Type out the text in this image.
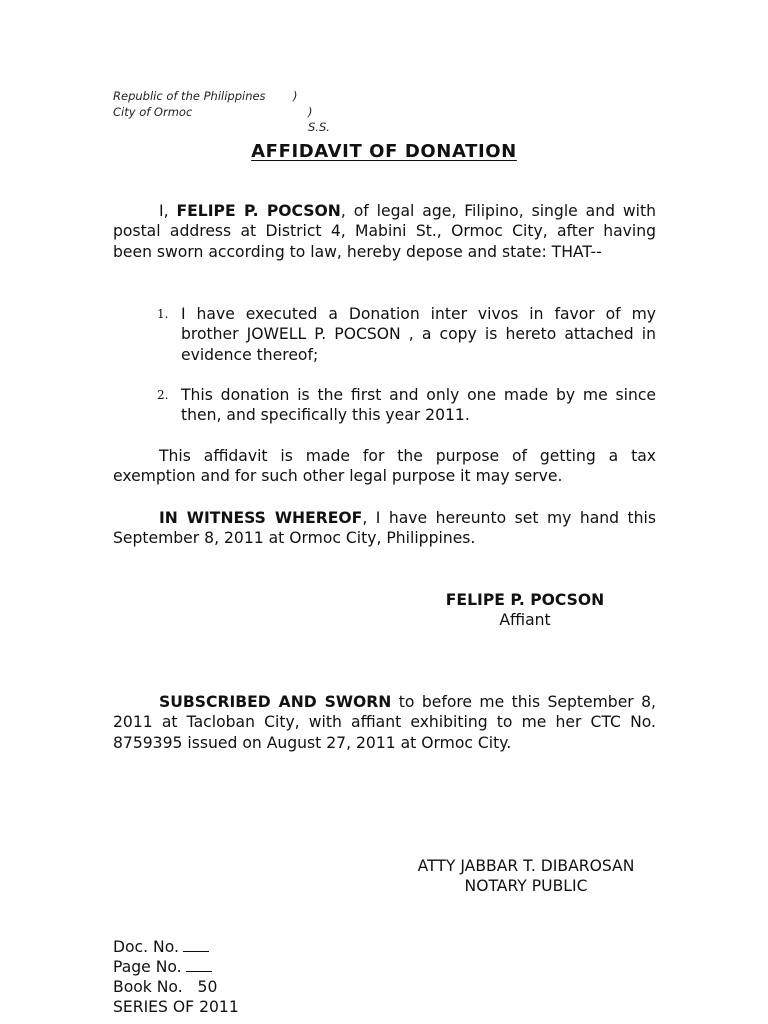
Republic of the Philippines )
City of Ormoc	) S.S.
AFFIDAVIT OF DONATION
I, FELIPE P. POCSON, of legal age, Filipino, single and with postal address at District 4, Mabini St., Ormoc City, after having been sworn according to law, hereby depose and state: THAT--
1. I have executed a Donation inter vivos in favor of my brother JOWELL P. POCSON , a copy is hereto attached in evidence thereof;
2. This donation is the first and only one made by me since then, and specifically this year 2011.
This affidavit is made for the purpose of getting a tax exemption and for such other legal purpose it may serve.
IN WITNESS WHEREOF, I have hereunto set my hand this September 8, 2011 at Ormoc City, Philippines.
FELIPE P. POCSON
Affiant
SUBSCRIBED AND SWORN to before me this September 8, 2011 at Tacloban City, with affiant exhibiting to me her CTC No. 8759395 issued on August 27, 2011 at Ormoc City.
ATTY JABBAR T. DIBAROSAN
NOTARY PUBLIC
Doc. No.
Page No.
Book No. 50
SERIES OF 2011
